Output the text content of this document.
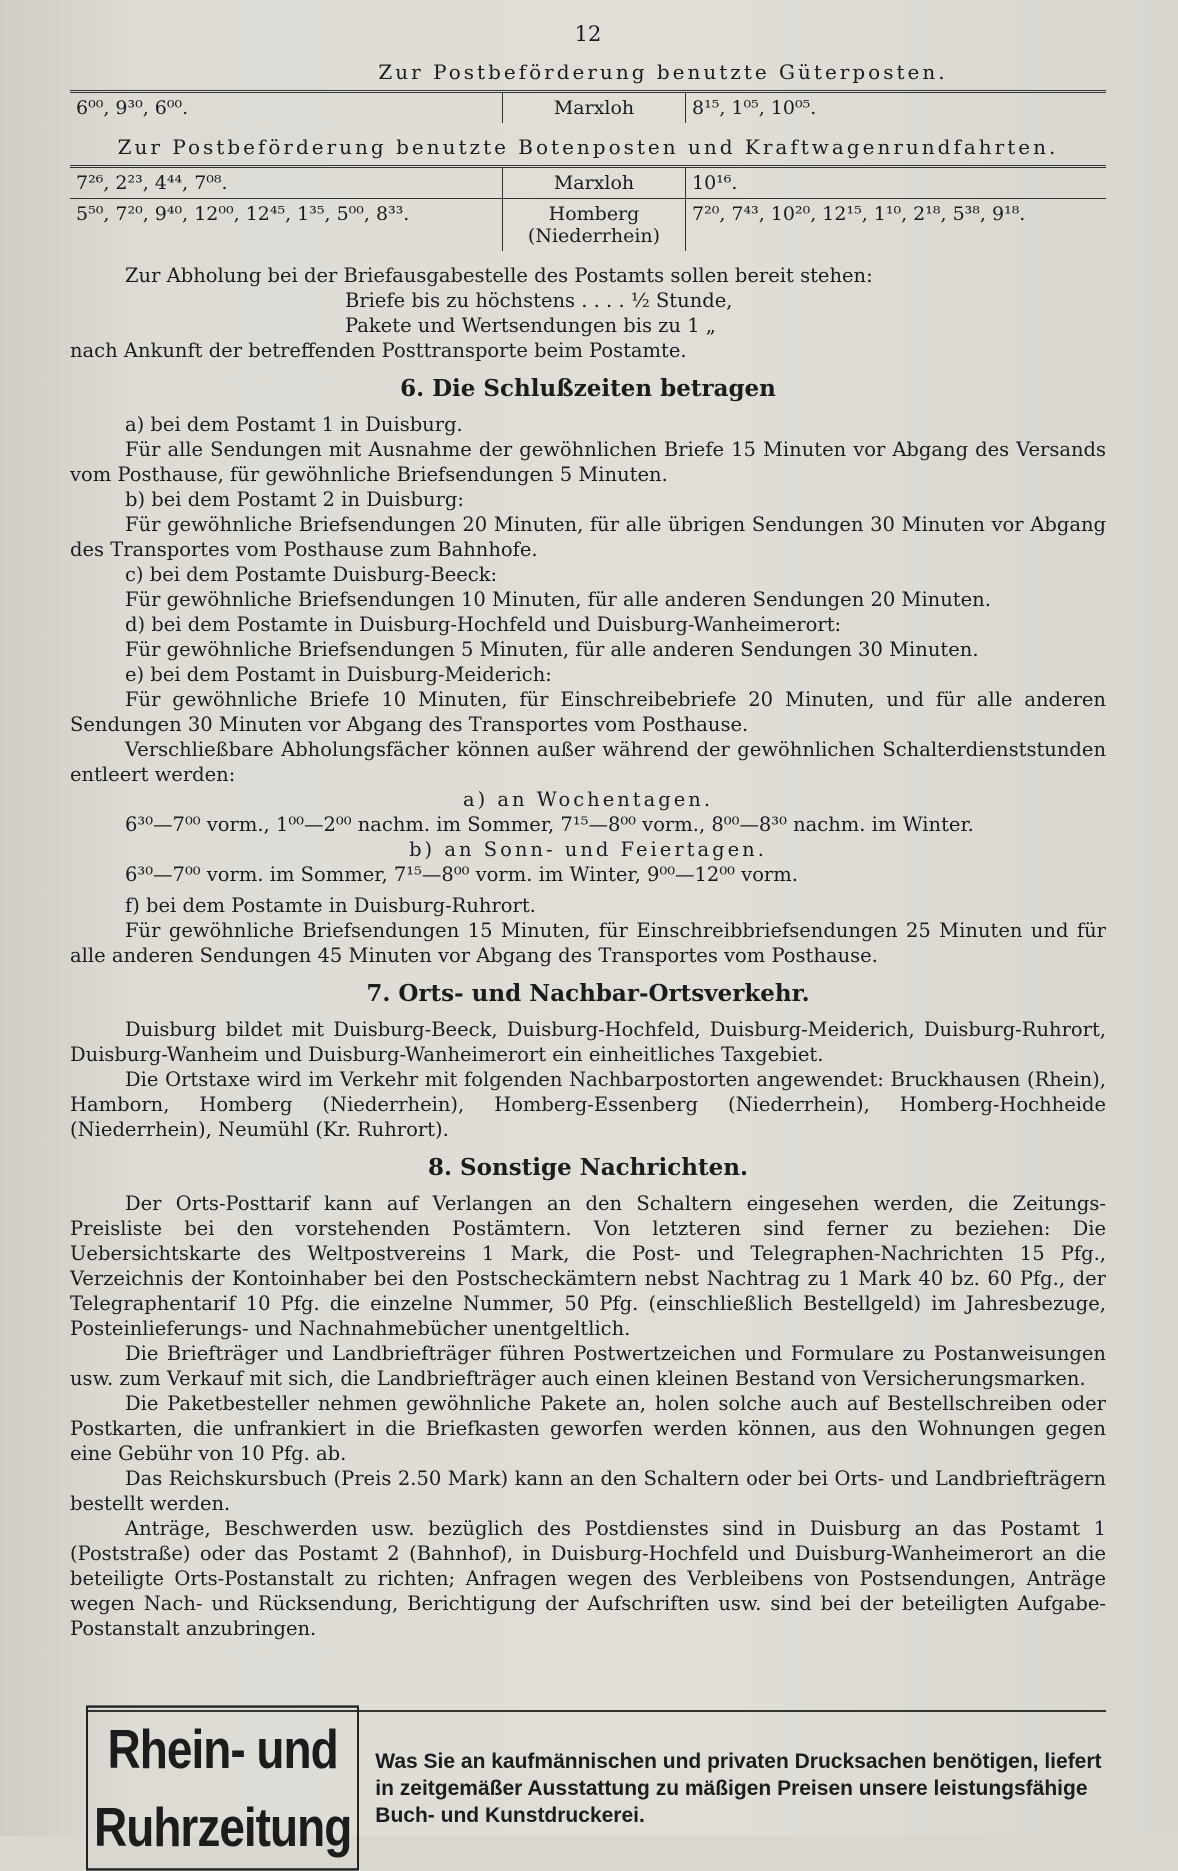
12
Zur Postbeförderung benutzte Güterposten.
6⁰⁰, 9³⁰, 6⁰⁰.	Marxloh	8¹⁵, 1⁰⁵, 10⁰⁵.
Zur Postbeförderung benutzte Botenposten und Kraftwagenrundfahrten.
7²⁶, 2²³, 4⁴⁴, 7⁰⁸.	Marxloh	10¹⁶.
5⁵⁰, 7²⁰, 9⁴⁰, 12⁰⁰, 12⁴⁵, 1³⁵, 5⁰⁰, 8³³.	Homberg (Niederrhein)	7²⁰, 7⁴³, 10²⁰, 12¹⁵, 1¹⁰, 2¹⁸, 5³⁸, 9¹⁸.

Zur Abholung bei der Briefausgabestelle des Postamts sollen bereit stehen:

Briefe bis zu höchstens . . . . ½ Stunde,

Pakete und Wertsendungen bis zu 1 „

nach Ankunft der betreffenden Posttransporte beim Postamte.

6. Die Schlußzeiten betragen

a) bei dem Postamt 1 in Duisburg.

Für alle Sendungen mit Ausnahme der gewöhnlichen Briefe 15 Minuten vor Abgang des Versands vom Posthause, für gewöhnliche Briefsendungen 5 Minuten.

b) bei dem Postamt 2 in Duisburg:

Für gewöhnliche Briefsendungen 20 Minuten, für alle übrigen Sendungen 30 Minuten vor Abgang des Transportes vom Posthause zum Bahnhofe.

c) bei dem Postamte Duisburg-Beeck:

Für gewöhnliche Briefsendungen 10 Minuten, für alle anderen Sendungen 20 Minuten.

d) bei dem Postamte in Duisburg-Hochfeld und Duisburg-Wanheimerort:

Für gewöhnliche Briefsendungen 5 Minuten, für alle anderen Sendungen 30 Minuten.

e) bei dem Postamt in Duisburg-Meiderich:

Für gewöhnliche Briefe 10 Minuten, für Einschreibebriefe 20 Minuten, und für alle anderen Sendungen 30 Minuten vor Abgang des Transportes vom Posthause.

Verschließbare Abholungsfächer können außer während der gewöhnlichen Schalterdienststunden entleert werden:

a) an Wochentagen.

6³⁰—7⁰⁰ vorm., 1⁰⁰—2⁰⁰ nachm. im Sommer, 7¹⁵—8⁰⁰ vorm., 8⁰⁰—8³⁰ nachm. im Winter.

b) an Sonn- und Feiertagen.

6³⁰—7⁰⁰ vorm. im Sommer, 7¹⁵—8⁰⁰ vorm. im Winter, 9⁰⁰—12⁰⁰ vorm.

f) bei dem Postamte in Duisburg-Ruhrort.

Für gewöhnliche Briefsendungen 15 Minuten, für Einschreibbriefsendungen 25 Minuten und für alle anderen Sendungen 45 Minuten vor Abgang des Transportes vom Posthause.

7. Orts- und Nachbar-Ortsverkehr.

Duisburg bildet mit Duisburg-Beeck, Duisburg-Hochfeld, Duisburg-Meiderich, Duisburg-Ruhrort, Duisburg-Wanheim und Duisburg-Wanheimerort ein einheitliches Taxgebiet.

Die Ortstaxe wird im Verkehr mit folgenden Nachbarpostorten angewendet: Bruckhausen (Rhein), Hamborn, Homberg (Niederrhein), Homberg-Essenberg (Niederrhein), Homberg-Hochheide (Niederrhein), Neumühl (Kr. Ruhrort).

8. Sonstige Nachrichten.

Der Orts-Posttarif kann auf Verlangen an den Schaltern eingesehen werden, die Zeitungs-Preisliste bei den vorstehenden Postämtern. Von letzteren sind ferner zu beziehen: Die Uebersichtskarte des Weltpostvereins 1 Mark, die Post- und Telegraphen-Nachrichten 15 Pfg., Verzeichnis der Kontoinhaber bei den Postscheckämtern nebst Nachtrag zu 1 Mark 40 bz. 60 Pfg., der Telegraphentarif 10 Pfg. die einzelne Nummer, 50 Pfg. (einschließlich Bestellgeld) im Jahresbezuge, Posteinlieferungs- und Nachnahmebücher unentgeltlich.

Die Briefträger und Landbriefträger führen Postwertzeichen und Formulare zu Postanweisungen usw. zum Verkauf mit sich, die Landbriefträger auch einen kleinen Bestand von Versicherungsmarken.

Die Paketbesteller nehmen gewöhnliche Pakete an, holen solche auch auf Bestellschreiben oder Postkarten, die unfrankiert in die Briefkasten geworfen werden können, aus den Wohnungen gegen eine Gebühr von 10 Pfg. ab.

Das Reichskursbuch (Preis 2.50 Mark) kann an den Schaltern oder bei Orts- und Landbriefträgern bestellt werden.

Anträge, Beschwerden usw. bezüglich des Postdienstes sind in Duisburg an das Postamt 1 (Poststraße) oder das Postamt 2 (Bahnhof), in Duisburg-Hochfeld und Duisburg-Wanheimerort an die beteiligte Orts-Postanstalt zu richten; Anfragen wegen des Verbleibens von Postsendungen, Anträge wegen Nach- und Rücksendung, Berichtigung der Aufschriften usw. sind bei der beteiligten Aufgabe-Postanstalt anzubringen.

Rhein- und Ruhrzeitung
Was Sie an kaufmännischen und privaten Drucksachen benötigen, liefert in zeitgemäßer Ausstattung zu mäßigen Preisen unsere leistungsfähige Buch- und Kunstdruckerei.
